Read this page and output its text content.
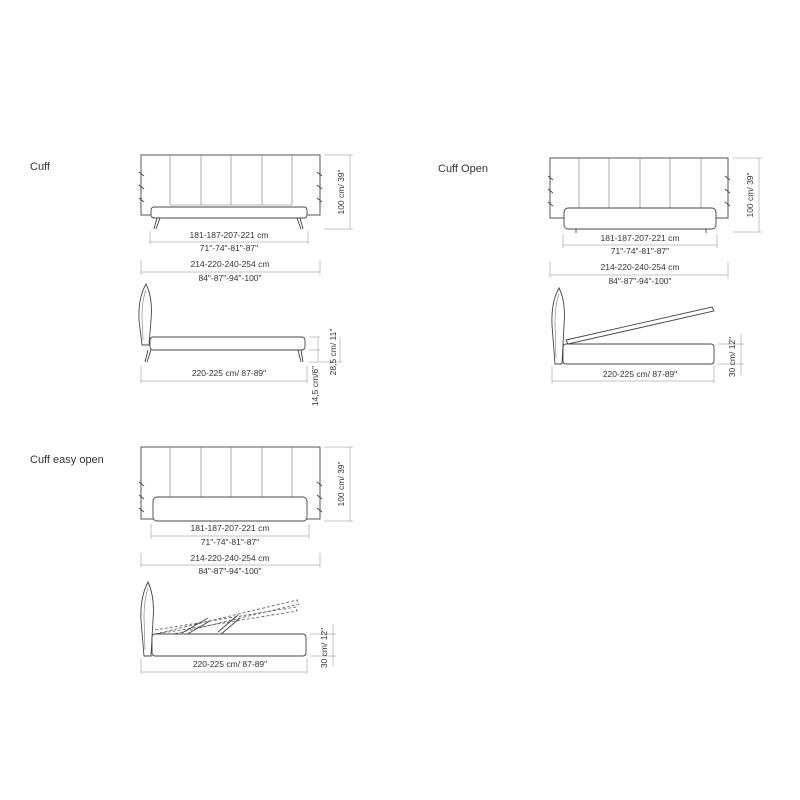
Cuff	Cuff Open
Cuff easy open
100 cm/ 39"
181-187-207-221 cm
71"-74"-81"-87"
214-220-240-254 cm
84"-87"-94"-100"
14,5 cm/6"
28,5 cm/ 11"
220-225 cm/ 87-89"
100 cm/ 39"
181-187-207-221 cm
71"-74"-81"-87"
214-220-240-254 cm
84"-87"-94"-100"
30 cm/ 12"
220-225 cm/ 87-89"
100 cm/ 39"
181-187-207-221 cm
71"-74"-81"-87"
214-220-240-254 cm
84"-87"-94"-100"
30 cm/ 12"
220-225 cm/ 87-89"
